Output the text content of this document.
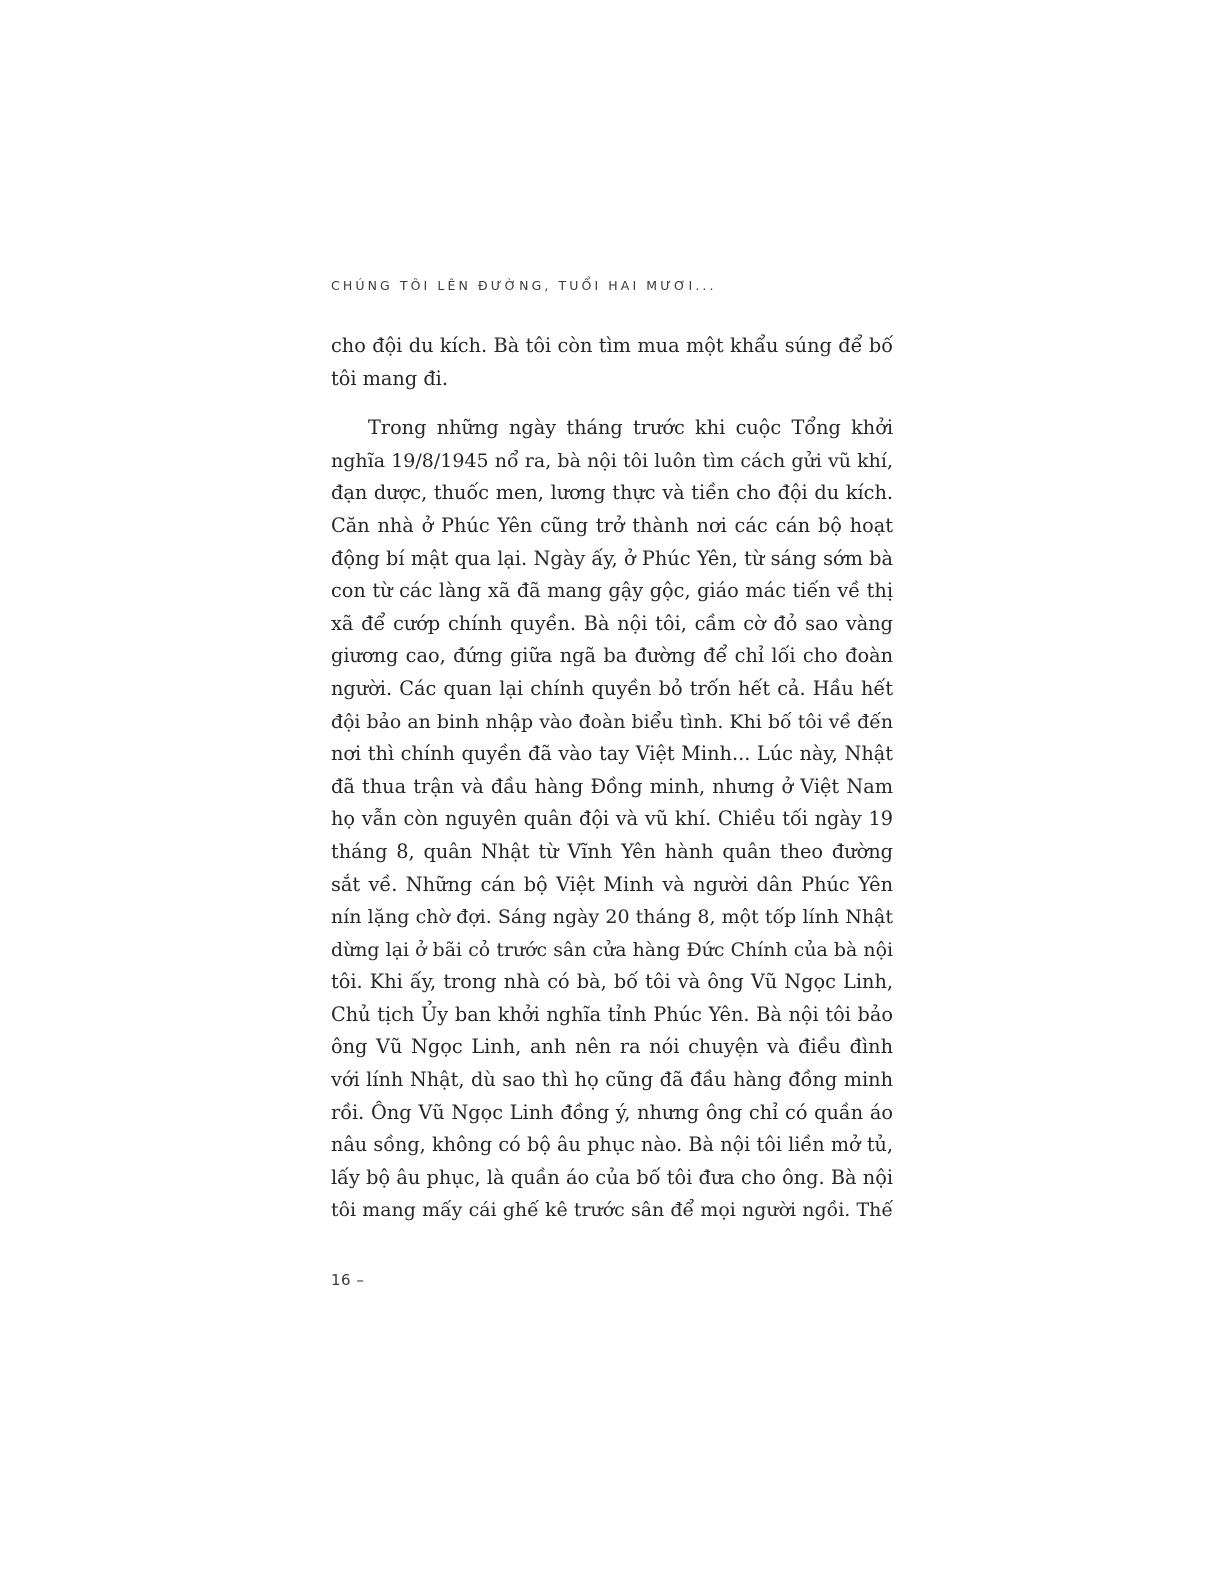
CHÚNG TÔI LÊN ĐƯỜNG, TUỔI HAI MƯƠI...

cho đội du kích. Bà tôi còn tìm mua một khẩu súng để bố
tôi mang đi.

Trong những ngày tháng trước khi cuộc Tổng khởi
nghĩa 19/8/1945 nổ ra, bà nội tôi luôn tìm cách gửi vũ khí,
đạn dược, thuốc men, lương thực và tiền cho đội du kích.
Căn nhà ở Phúc Yên cũng trở thành nơi các cán bộ hoạt
động bí mật qua lại. Ngày ấy, ở Phúc Yên, từ sáng sớm bà
con từ các làng xã đã mang gậy gộc, giáo mác tiến về thị
xã để cướp chính quyền. Bà nội tôi, cầm cờ đỏ sao vàng
giương cao, đứng giữa ngã ba đường để chỉ lối cho đoàn
người. Các quan lại chính quyền bỏ trốn hết cả. Hầu hết
đội bảo an binh nhập vào đoàn biểu tình. Khi bố tôi về đến
nơi thì chính quyền đã vào tay Việt Minh... Lúc này, Nhật
đã thua trận và đầu hàng Đồng minh, nhưng ở Việt Nam
họ vẫn còn nguyên quân đội và vũ khí. Chiều tối ngày 19
tháng 8, quân Nhật từ Vĩnh Yên hành quân theo đường
sắt về. Những cán bộ Việt Minh và người dân Phúc Yên
nín lặng chờ đợi. Sáng ngày 20 tháng 8, một tốp lính Nhật
dừng lại ở bãi cỏ trước sân cửa hàng Đức Chính của bà nội
tôi. Khi ấy, trong nhà có bà, bố tôi và ông Vũ Ngọc Linh,
Chủ tịch Ủy ban khởi nghĩa tỉnh Phúc Yên. Bà nội tôi bảo
ông Vũ Ngọc Linh, anh nên ra nói chuyện và điều đình
với lính Nhật, dù sao thì họ cũng đã đầu hàng đồng minh
rồi. Ông Vũ Ngọc Linh đồng ý, nhưng ông chỉ có quần áo
nâu sồng, không có bộ âu phục nào. Bà nội tôi liền mở tủ,
lấy bộ âu phục, là quần áo của bố tôi đưa cho ông. Bà nội
tôi mang mấy cái ghế kê trước sân để mọi người ngồi. Thế

16 –
